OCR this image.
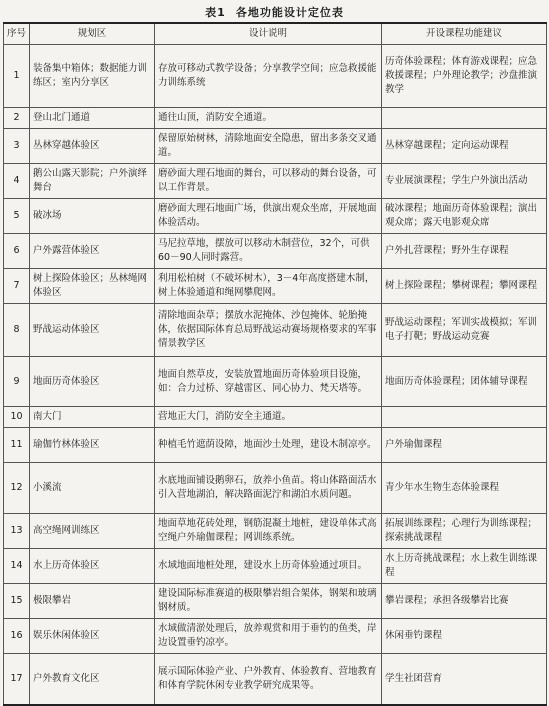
表1 各地功能设计定位表
序号	规划区	设计说明	开设课程功能建议
1	装备集中箱体；数据能力训练区；室内分享区	存放可移动式教学设备；分享教学空间；应急救援能力训练系统	历奇体验课程；体育游戏课程；应急救援课程；户外理论教学；沙盘推演教学
2	登山北门通道	通往山顶，消防安全通道。	
3	丛林穿越体验区	保留原始树林，清除地面安全隐患，留出多条交叉通道。	丛林穿越课程；定向运动课程
4	鹅公山露天影院；户外演绎舞台	磨砂面大理石地面的舞台，可以移动的舞台设备，可以工作背景。	专业展演课程；学生户外演出活动
5	破冰场	磨砂面大理石地面广场，供演出观众坐席，开展地面体验活动。	破冰课程；地面历奇体验课程；演出观众席；露天电影观众席
6	户外露营体验区	马尼拉草地，摆放可以移动木制营位，32个，可供60－90人同时露营。	户外扎营课程；野外生存课程
7	树上探险体验区；丛林绳网体验区	利用松柏树（不破坏树木），3－4年高度搭建木制，树上体验通道和绳网攀爬网。	树上探险课程；攀树课程；攀网课程
8	野战运动体验区	清除地面杂草；摆放水泥掩体、沙包掩体、轮胎掩体，依据国际体育总局野战运动赛场规格要求的军事情景教学区	野战运动课程；军训实战模拟；军训电子打靶；野战运动竞赛
9	地面历奇体验区	地面自然草皮，安装放置地面历奇体验项目设施，如：合力过桥、穿越雷区、同心协力、梵天塔等。	地面历奇体验课程；团体辅导课程
10	南大门	营地正大门，消防安全主通道。	
11	瑜伽竹林体验区	种植毛竹遮荫设障，地面沙土处理，建设木制凉亭。	户外瑜伽课程
12	小溪流	水底地面铺设鹅卵石，放养小鱼苗。将山体路面活水引入营地湖泊，解决路面泥泞和湖泊水质问题。	青少年水生物生态体验课程
13	高空绳网训练区	地面草地花砖处理，钢筋混凝土地桩，建设单体式高空绳户外瑜伽课程；网训练系统。	拓展训练课程；心理行为训练课程；探索挑战课程
14	水上历奇体验区	水域地面地桩处理，建设水上历奇体验通过项目。	水上历奇挑战课程；水上救生训练课程
15	极限攀岩	建设国际标准赛道的极限攀岩组合架体，钢架和玻璃钢材质。	攀岩课程；承担各级攀岩比赛
16	娱乐休闲体验区	水域做清淤处理后，放养观赏和用于垂钓的鱼类，岸边设置垂钓凉亭。	休闲垂钓课程
17	户外教育文化区	展示国际体验产业、户外教育、体验教育、营地教育和体育学院休闲专业教学研究成果等。	学生社团营育
